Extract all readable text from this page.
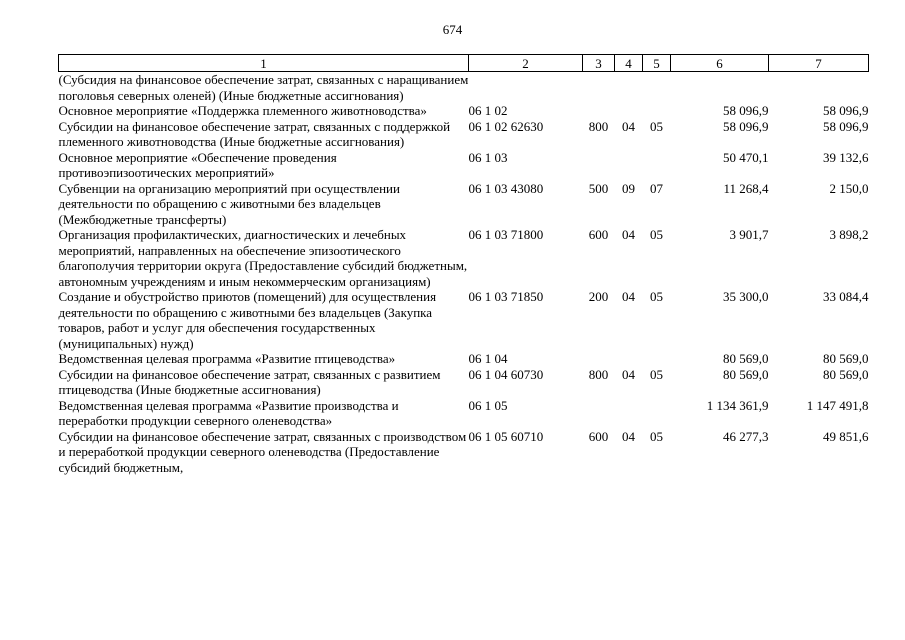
674
1	2	3	4	5	6	7
(Субсидия на финансовое обеспечение затрат, связанных с наращиванием поголовья северных оленей) (Иные бюджетные ассигнования)						
Основное мероприятие «Поддержка племенного животноводства»	06 1 02				58 096,9	58 096,9
Субсидии на финансовое обеспечение затрат, связанных с поддержкой племенного животноводства (Иные бюджетные ассигнования)	06 1 02 62630	800	04	05	58 096,9	58 096,9
Основное мероприятие «Обеспечение проведения противоэпизоотических мероприятий»	06 1 03				50 470,1	39 132,6
Субвенции на организацию мероприятий при осуществлении деятельности по обращению с животными без владельцев (Межбюджетные трансферты)	06 1 03 43080	500	09	07	11 268,4	2 150,0
Организация профилактических, диагностических и лечебных мероприятий, направленных на обеспечение эпизоотического благополучия территории округа (Предоставление субсидий бюджетным, автономным учреждениям и иным некоммерческим организациям)	06 1 03 71800	600	04	05	3 901,7	3 898,2
Создание и обустройство приютов (помещений) для осуществления деятельности по обращению с животными без владельцев (Закупка товаров, работ и услуг для обеспечения государственных (муниципальных) нужд)	06 1 03 71850	200	04	05	35 300,0	33 084,4
Ведомственная целевая программа «Развитие птицеводства»	06 1 04				80 569,0	80 569,0
Субсидии на финансовое обеспечение затрат, связанных с развитием птицеводства (Иные бюджетные ассигнования)	06 1 04 60730	800	04	05	80 569,0	80 569,0
Ведомственная целевая программа «Развитие производства и переработки продукции северного оленеводства»	06 1 05				1 134 361,9	1 147 491,8
Субсидии на финансовое обеспечение затрат, связанных с производством и переработкой продукции северного оленеводства (Предоставление субсидий бюджетным,	06 1 05 60710	600	04	05	46 277,3	49 851,6
